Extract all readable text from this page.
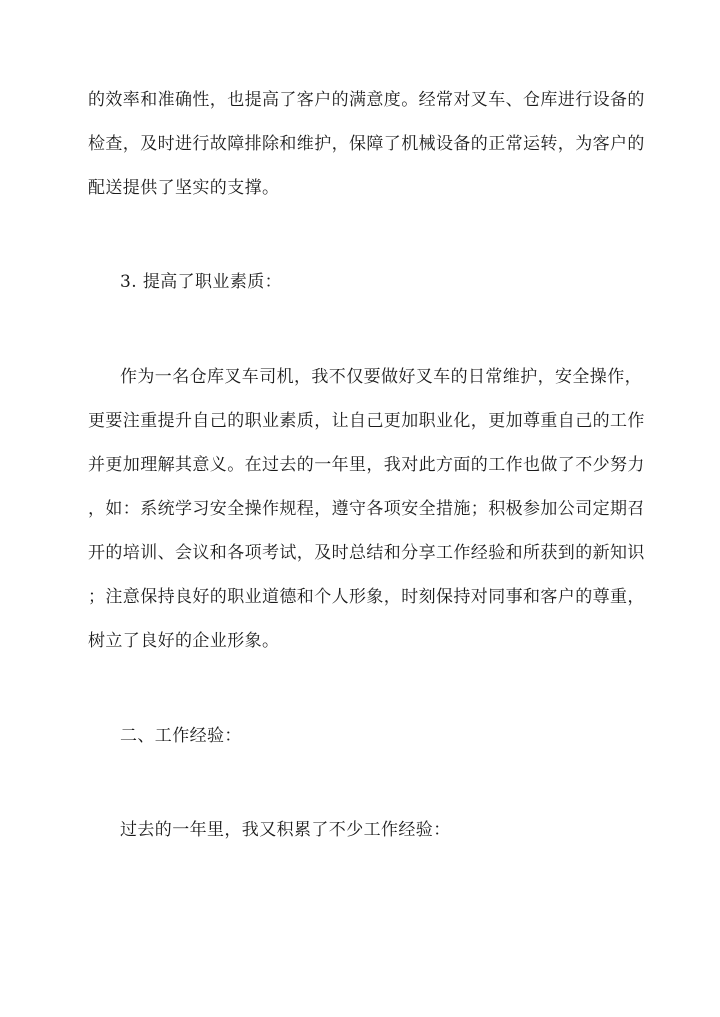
的效率和准确性，也提高了客户的满意度。经常对叉车、仓库进行设备的
检查，及时进行故障排除和维护，保障了机械设备的正常运转，为客户的
配送提供了坚实的支撑。
3. 提高了职业素质：
作为一名仓库叉车司机，我不仅要做好叉车的日常维护，安全操作，
更要注重提升自己的职业素质，让自己更加职业化，更加尊重自己的工作
并更加理解其意义。在过去的一年里，我对此方面的工作也做了不少努力
，如：系统学习安全操作规程，遵守各项安全措施；积极参加公司定期召
开的培训、会议和各项考试，及时总结和分享工作经验和所获到的新知识
；注意保持良好的职业道德和个人形象，时刻保持对同事和客户的尊重，
树立了良好的企业形象。
二、工作经验：
过去的一年里，我又积累了不少工作经验：
